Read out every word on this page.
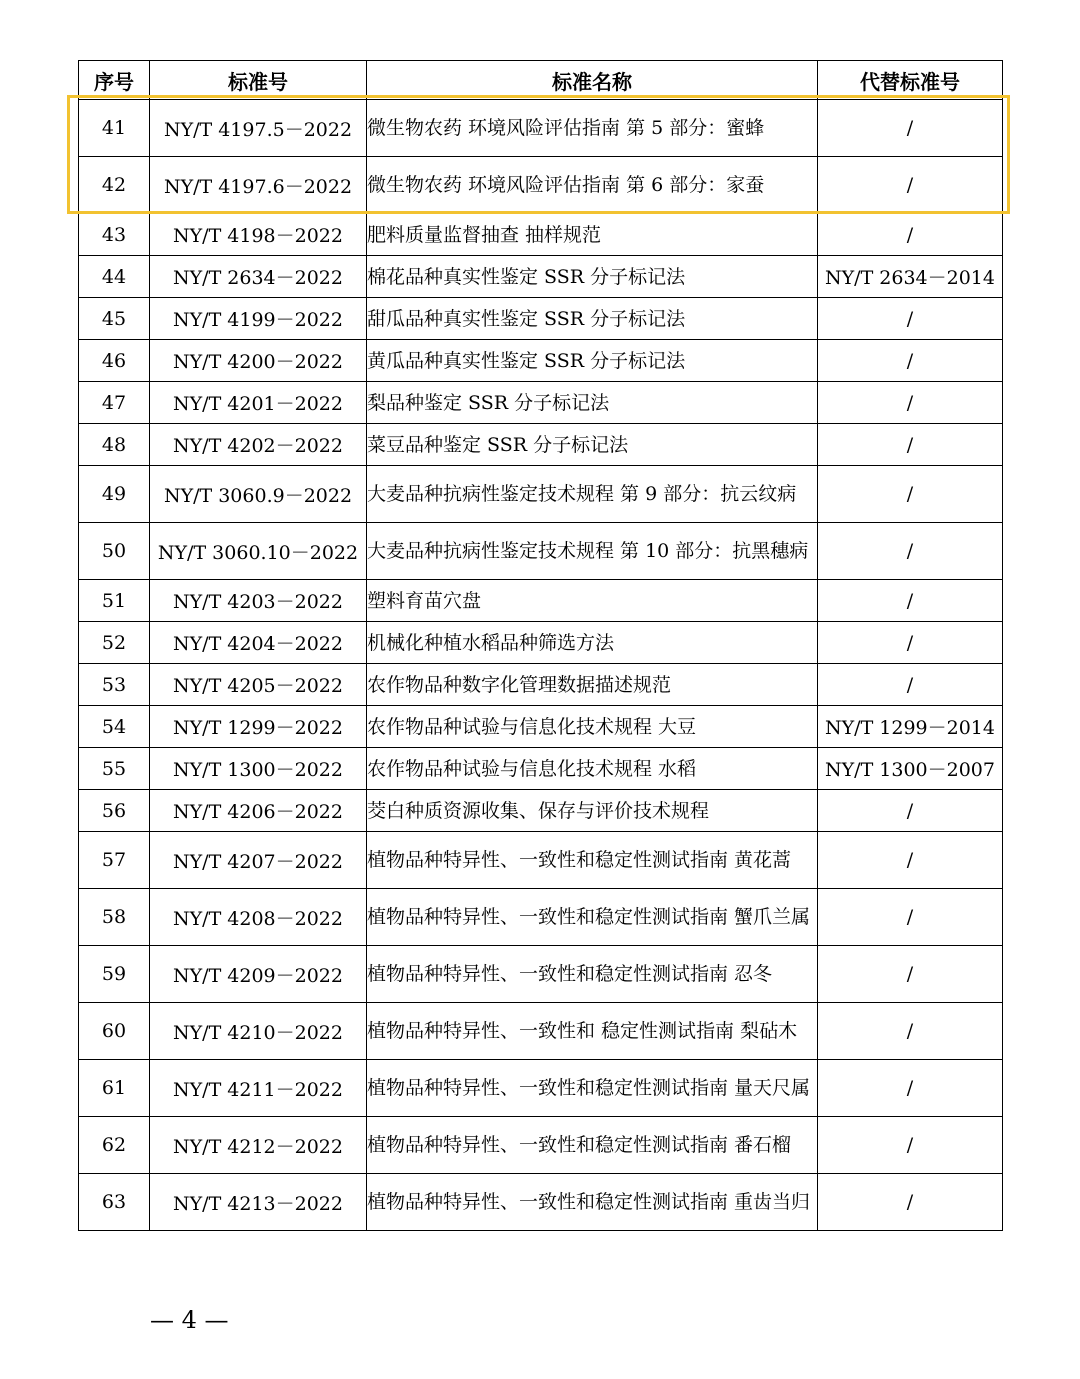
序号	标准号	标准名称	代替标准号
41	NY/T 4197.5－2022	微生物农药 环境风险评估指南 第 5 部分：蜜蜂	/
42	NY/T 4197.6－2022	微生物农药 环境风险评估指南 第 6 部分：家蚕	/
43	NY/T 4198－2022	肥料质量监督抽查 抽样规范	/
44	NY/T 2634－2022	棉花品种真实性鉴定 SSR 分子标记法	NY/T 2634－2014
45	NY/T 4199－2022	甜瓜品种真实性鉴定 SSR 分子标记法	/
46	NY/T 4200－2022	黄瓜品种真实性鉴定 SSR 分子标记法	/
47	NY/T 4201－2022	梨品种鉴定 SSR 分子标记法	/
48	NY/T 4202－2022	菜豆品种鉴定 SSR 分子标记法	/
49	NY/T 3060.9－2022	大麦品种抗病性鉴定技术规程 第 9 部分：抗云纹病	/
50	NY/T 3060.10－2022	大麦品种抗病性鉴定技术规程 第 10 部分：抗黑穗病	/
51	NY/T 4203－2022	塑料育苗穴盘	/
52	NY/T 4204－2022	机械化种植水稻品种筛选方法	/
53	NY/T 4205－2022	农作物品种数字化管理数据描述规范	/
54	NY/T 1299－2022	农作物品种试验与信息化技术规程 大豆	NY/T 1299－2014
55	NY/T 1300－2022	农作物品种试验与信息化技术规程 水稻	NY/T 1300－2007
56	NY/T 4206－2022	茭白种质资源收集、保存与评价技术规程	/
57	NY/T 4207－2022	植物品种特异性、一致性和稳定性测试指南 黄花蒿	/
58	NY/T 4208－2022	植物品种特异性、一致性和稳定性测试指南 蟹爪兰属	/
59	NY/T 4209－2022	植物品种特异性、一致性和稳定性测试指南 忍冬	/
60	NY/T 4210－2022	植物品种特异性、一致性和 稳定性测试指南 梨砧木	/
61	NY/T 4211－2022	植物品种特异性、一致性和稳定性测试指南 量天尺属	/
62	NY/T 4212－2022	植物品种特异性、一致性和稳定性测试指南 番石榴	/
63	NY/T 4213－2022	植物品种特异性、一致性和稳定性测试指南 重齿当归	/
— 4 —
